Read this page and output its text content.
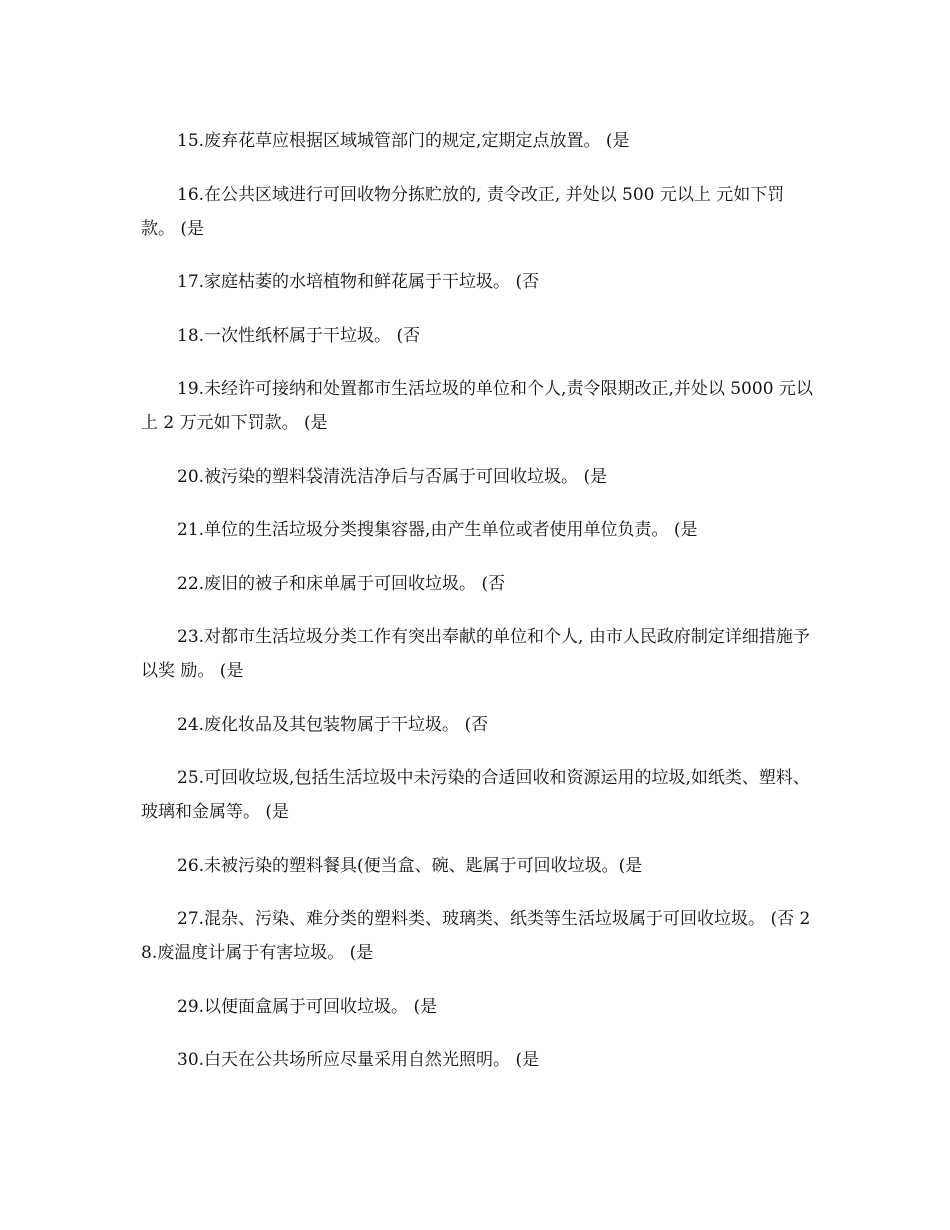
15.废弃花草应根据区域城管部门的规定,定期定点放置。 (是

16.在公共区域进行可回收物分拣贮放的, 责令改正, 并处以 500 元以上 元如下罚款。 (是

17.家庭枯萎的水培植物和鲜花属于干垃圾。 (否

18.一次性纸杯属于干垃圾。 (否

19.未经许可接纳和处置都市生活垃圾的单位和个人,责令限期改正,并处以 5000 元以上 2 万元如下罚款。 (是

20.被污染的塑料袋清洗洁净后与否属于可回收垃圾。 (是

21.单位的生活垃圾分类搜集容器,由产生单位或者使用单位负责。 (是

22.废旧的被子和床单属于可回收垃圾。 (否

23.对都市生活垃圾分类工作有突出奉献的单位和个人, 由市人民政府制定详细措施予以奖 励。 (是

24.废化妆品及其包装物属于干垃圾。 (否

25.可回收垃圾,包括生活垃圾中未污染的合适回收和资源运用的垃圾,如纸类、塑料、 玻璃和金属等。 (是

26.未被污染的塑料餐具(便当盒、碗、匙属于可回收垃圾。(是

27.混杂、污染、难分类的塑料类、玻璃类、纸类等生活垃圾属于可回收垃圾。 (否 28.废温度计属于有害垃圾。 (是

29.以便面盒属于可回收垃圾。 (是

30.白天在公共场所应尽量采用自然光照明。 (是
